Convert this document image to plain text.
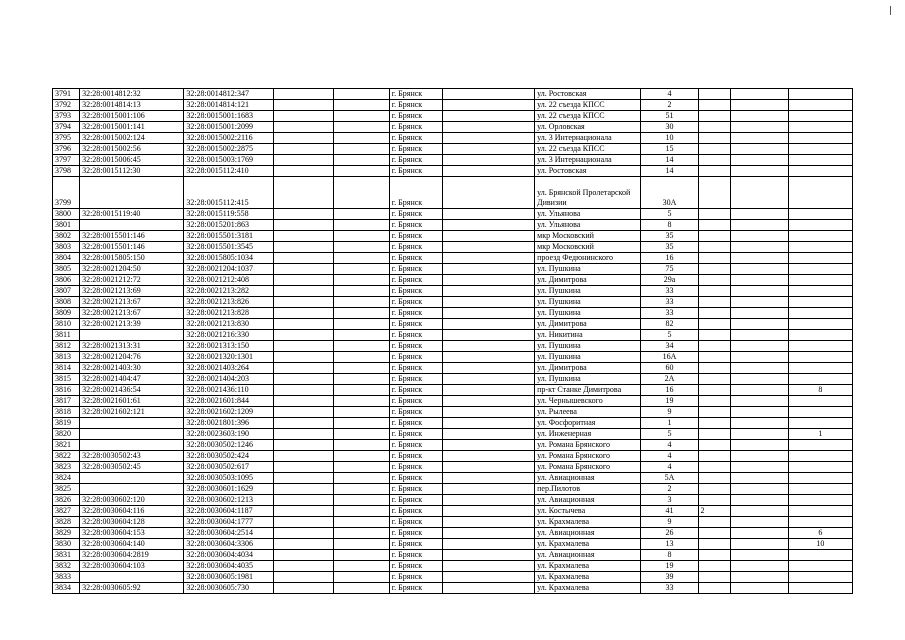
3791	32:28:0014812:32	32:28:0014812:347			г. Брянск		ул. Ростовская	4			
3792	32:28:0014814:13	32:28:0014814:121			г. Брянск		ул. 22 съезда КПСС	2			
3793	32:28:0015001:106	32:28:0015001:1683			г. Брянск		ул. 22 съезда КПСС	51			
3794	32:28:0015001:141	32:28:0015001:2099			г. Брянск		ул. Орловская	30			
3795	32:28:0015002:124	32:28:0015002:2116			г. Брянск		ул. 3 Интернационала	10			
3796	32:28:0015002:56	32:28:0015002:2875			г. Брянск		ул. 22 съезда КПСС	15			
3797	32:28:0015006:45	32:28:0015003:1769			г. Брянск		ул. 3 Интернационала	14			
3798	32:28:0015112:30	32:28:0015112:410			г. Брянск		ул. Ростовская	14			
3799		32:28:0015112:415			г. Брянск		ул. Брянской Пролетарской Дивизии	30А			
3800	32:28:0015119:40	32:28:0015119:558			г. Брянск		ул. Ульянова	5			
3801		32:28:0015201:863			г. Брянск		ул. Ульянова	8			
3802	32:28:0015501:146	32:28:0015501:3181			г. Брянск		мкр Московский	35			
3803	32:28:0015501:146	32:28:0015501:3545			г. Брянск		мкр Московский	35			
3804	32:28:0015805:150	32:28:0015805:1034			г. Брянск		проезд Федюнинского	16			
3805	32:28:0021204:50	32:28:0021204:1037			г. Брянск		ул. Пушкина	75			
3806	32:28:0021212:72	32:28:0021212:408			г. Брянск		ул. Димитрова	29а			
3807	32:28:0021213:69	32:28:0021213:282			г. Брянск		ул. Пушкина	33			
3808	32:28:0021213:67	32:28:0021213:826			г. Брянск		ул. Пушкина	33			
3809	32:28:0021213:67	32:28:0021213:828			г. Брянск		ул. Пушкина	33			
3810	32:28:0021213:39	32:28:0021213:830			г. Брянск		ул. Димитрова	82			
3811		32:28:0021216:330			г. Брянск		ул. Никитина	5			
3812	32:28:0021313:31	32:28:0021313:150			г. Брянск		ул. Пушкина	34			
3813	32:28:0021204:76	32:28:0021320:1301			г. Брянск		ул. Пушкина	16А			
3814	32:28:0021403:30	32:28:0021403:264			г. Брянск		ул. Димитрова	60			
3815	32:28:0021404:47	32:28:0021404:203			г. Брянск		ул. Пушкина	2А			
3816	32:28:0021436:54	32:28:0021436:110			г. Брянск		пр-кт Станке Димитрова	16			8
3817	32:28:0021601:61	32:28:0021601:844			г. Брянск		ул. Чернышевского	19			
3818	32:28:0021602:121	32:28:0021602:1209			г. Брянск		ул. Рылеева	9			
3819		32:28:0021801:396			г. Брянск		ул. Фосфоритная	1			
3820		32:28:0023603:190			г. Брянск		ул. Инженерная	5			1
3821		32:28:0030502:1246			г. Брянск		ул. Романа Брянского	4			
3822	32:28:0030502:43	32:28:0030502:424			г. Брянск		ул. Романа Брянского	4			
3823	32:28:0030502:45	32:28:0030502:617			г. Брянск		ул. Романа Брянского	4			
3824		32:28:0030503:1095			г. Брянск		ул. Авиационная	5А			
3825		32:28:0030601:1629			г. Брянск		пер.Пилотов	2			
3826	32:28:0030602:120	32:28:0030602:1213			г. Брянск		ул. Авиационная	3			
3827	32:28:0030604:116	32:28:0030604:1187			г. Брянск		ул. Костычева	41	2		
3828	32:28:0030604:128	32:28:0030604:1777			г. Брянск		ул. Крахмалева	9			
3829	32:28:0030604:153	32:28:0030604:2514			г. Брянск		ул. Авиационная	26			6
3830	32:28:0030604:140	32:28:0030604:3306			г. Брянск		ул. Крахмалева	13			10
3831	32:28:0030604:2819	32:28:0030604:4034			г. Брянск		ул. Авиационная	8			
3832	32:28:0030604:103	32:28:0030604:4035			г. Брянск		ул. Крахмалева	19			
3833		32:28:0030605:1981			г. Брянск		ул. Крахмалева	39			
3834	32:28:0030605:92	32:28:0030605:730			г. Брянск		ул. Крахмалева	33			
